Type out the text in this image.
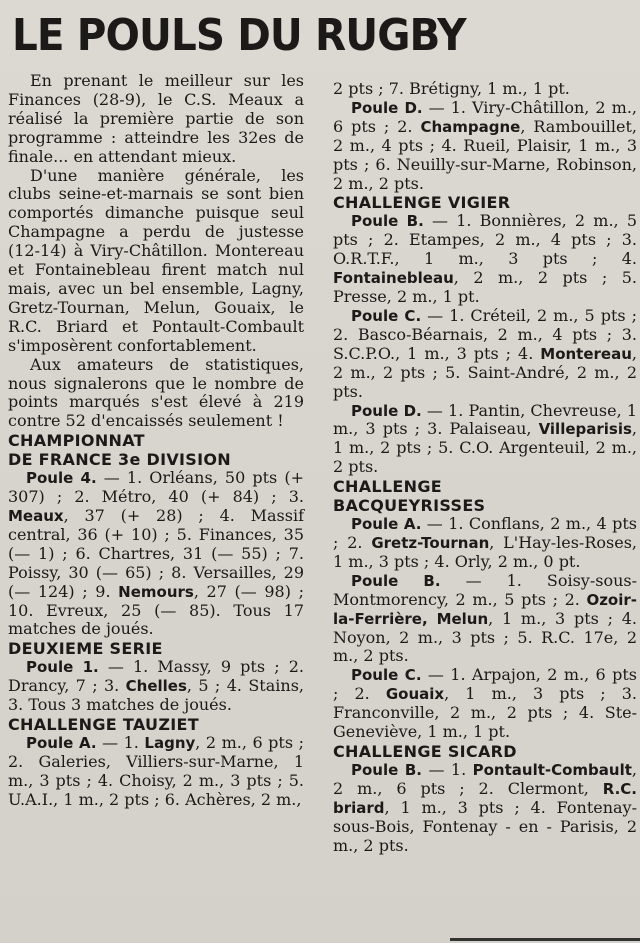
LE POULS DU RUGBY

En prenant le meilleur sur les Finances (28-9), le C.S. Meaux a réalisé la première partie de son programme : atteindre les 32es de finale... en attendant mieux.

D'une manière générale, les clubs seine-et-marnais se sont bien comportés dimanche puisque seul Champagne a perdu de justesse (12-14) à Viry-Châtillon. Montereau et Fontainebleau firent match nul mais, avec un bel ensemble, Lagny, Gretz-Tournan, Melun, Gouaix, le R.C. Briard et Pontault-Combault s'imposèrent confortablement.

Aux amateurs de statistiques, nous signalerons que le nombre de points marqués s'est élevé à 219 contre 52 d'encaissés seulement !

CHAMPIONNAT

DE FRANCE 3e DIVISION

Poule 4. — 1. Orléans, 50 pts (+ 307) ; 2. Métro, 40 (+ 84) ; 3. Meaux, 37 (+ 28) ; 4. Massif central, 36 (+ 10) ; 5. Finances, 35 (— 1) ; 6. Chartres, 31 (— 55) ; 7. Poissy, 30 (— 65) ; 8. Versailles, 29 (— 124) ; 9. Nemours, 27 (— 98) ; 10. Evreux, 25 (— 85). Tous 17 matches de joués.

DEUXIEME SERIE

Poule 1. — 1. Massy, 9 pts ; 2. Drancy, 7 ; 3. Chelles, 5 ; 4. Stains, 3. Tous 3 matches de joués.

CHALLENGE TAUZIET

Poule A. — 1. Lagny, 2 m., 6 pts ; 2. Galeries, Villiers-sur-Marne, 1 m., 3 pts ; 4. Choisy, 2 m., 3 pts ; 5. U.A.I., 1 m., 2 pts ; 6. Achères, 2 m.,

2 pts ; 7. Brétigny, 1 m., 1 pt.

Poule D. — 1. Viry-Châtillon, 2 m., 6 pts ; 2. Champagne, Rambouillet, 2 m., 4 pts ; 4. Rueil, Plaisir, 1 m., 3 pts ; 6. Neuilly-sur-Marne, Robinson, 2 m., 2 pts.

CHALLENGE VIGIER

Poule B. — 1. Bonnières, 2 m., 5 pts ; 2. Etampes, 2 m., 4 pts ; 3. O.R.T.F., 1 m., 3 pts ; 4. Fontainebleau, 2 m., 2 pts ; 5. Presse, 2 m., 1 pt.

Poule C. — 1. Créteil, 2 m., 5 pts ; 2. Basco-Béarnais, 2 m., 4 pts ; 3. S.C.P.O., 1 m., 3 pts ; 4. Montereau, 2 m., 2 pts ; 5. Saint-André, 2 m., 2 pts.

Poule D. — 1. Pantin, Chevreuse, 1 m., 3 pts ; 3. Palaiseau, Villeparisis, 1 m., 2 pts ; 5. C.O. Argenteuil, 2 m., 2 pts.

CHALLENGE

BACQUEYRISSES

Poule A. — 1. Conflans, 2 m., 4 pts ; 2. Gretz-Tournan, L'Hay-les-Roses, 1 m., 3 pts ; 4. Orly, 2 m., 0 pt.

Poule B. — 1. Soisy-sous-Montmorency, 2 m., 5 pts ; 2. Ozoir-la-Ferrière, Melun, 1 m., 3 pts ; 4. Noyon, 2 m., 3 pts ; 5. R.C. 17e, 2 m., 2 pts.

Poule C. — 1. Arpajon, 2 m., 6 pts ; 2. Gouaix, 1 m., 3 pts ; 3. Franconville, 2 m., 2 pts ; 4. Ste-Geneviève, 1 m., 1 pt.

CHALLENGE SICARD

Poule B. — 1. Pontault-Combault, 2 m., 6 pts ; 2. Clermont, R.C. briard, 1 m., 3 pts ; 4. Fontenay-sous-Bois, Fontenay - en - Parisis, 2 m., 2 pts.
